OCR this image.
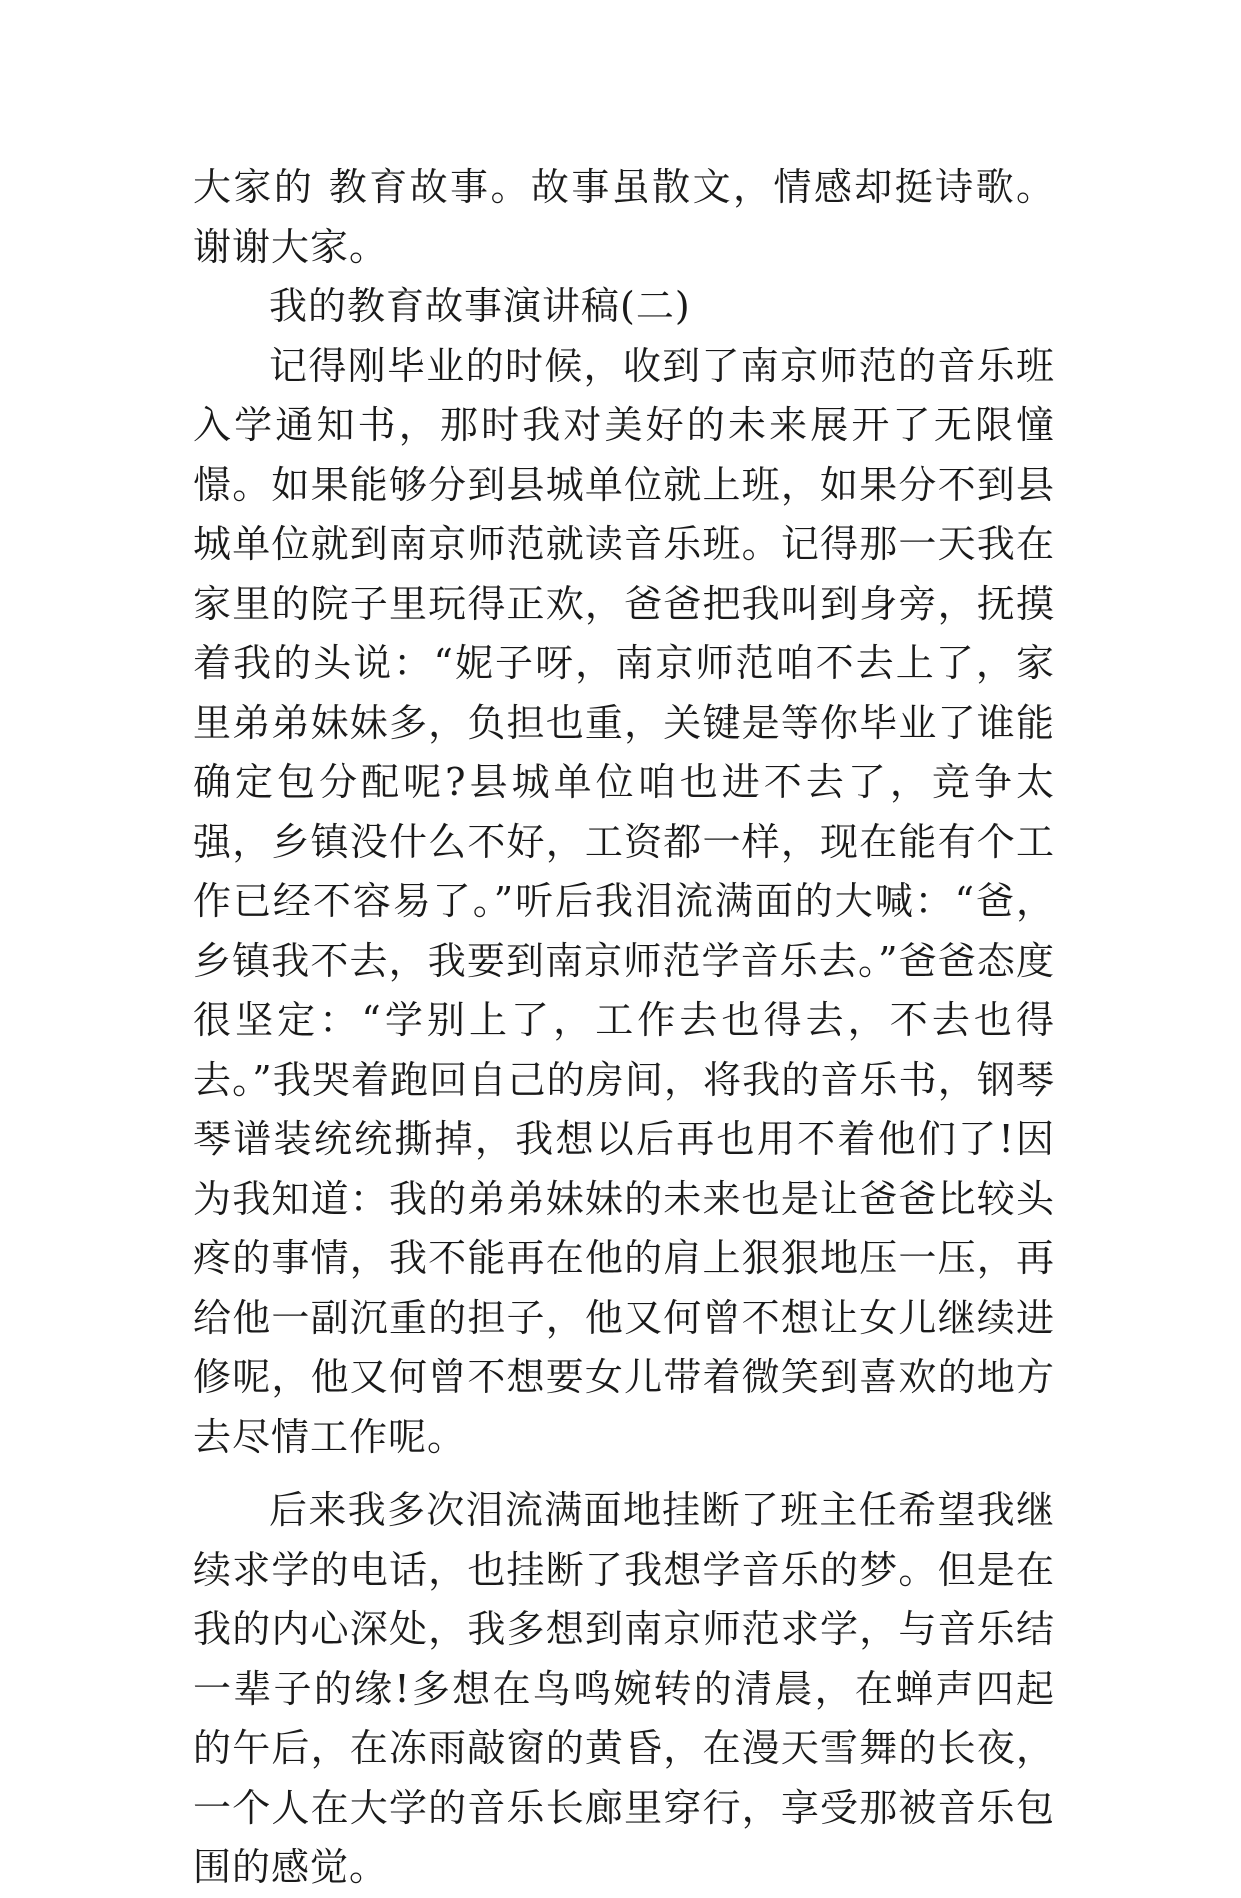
大家的 教育故事。故事虽散文，情感却挺诗歌。 谢谢大家。

我的教育故事演讲稿(二)

记得刚毕业的时候，收到了南京师范的音乐班入学通知书，那时我对美好的未来展开了无限憧憬。如果能够分到县城单位就上班，如果分不到县城单位就到南京师范就读音乐班。记得那一天我在家里的院子里玩得正欢，爸爸把我叫到身旁，抚摸着我的头说：“妮子呀，南京师范咱不去上了，家里弟弟妹妹多，负担也重，关键是等你毕业了谁能确定包分配呢?县城单位咱也进不去了，竞争太强，乡镇没什么不好，工资都一样，现在能有个工作已经不容易了。”听后我泪流满面的大喊：“爸，乡镇我不去，我要到南京师范学音乐去。”爸爸态度很坚定：“学别上了，工作去也得去，不去也得去。”我哭着跑回自己的房间，将我的音乐书，钢琴琴谱装统统撕掉，我想以后再也用不着他们了!因为我知道：我的弟弟妹妹的未来也是让爸爸比较头疼的事情，我不能再在他的肩上狠狠地压一压，再给他一副沉重的担子，他又何曾不想让女儿继续进修呢，他又何曾不想要女儿带着微笑到喜欢的地方去尽情工作呢。

后来我多次泪流满面地挂断了班主任希望我继续求学的电话，也挂断了我想学音乐的梦。但是在我的内心深处，我多想到南京师范求学，与音乐结一辈子的缘!多想在鸟鸣婉转的清晨，在蝉声四起的午后，在冻雨敲窗的黄昏，在漫天雪舞的长夜，一个人在大学的音乐长廊里穿行，享受那被音乐包围的感觉。
